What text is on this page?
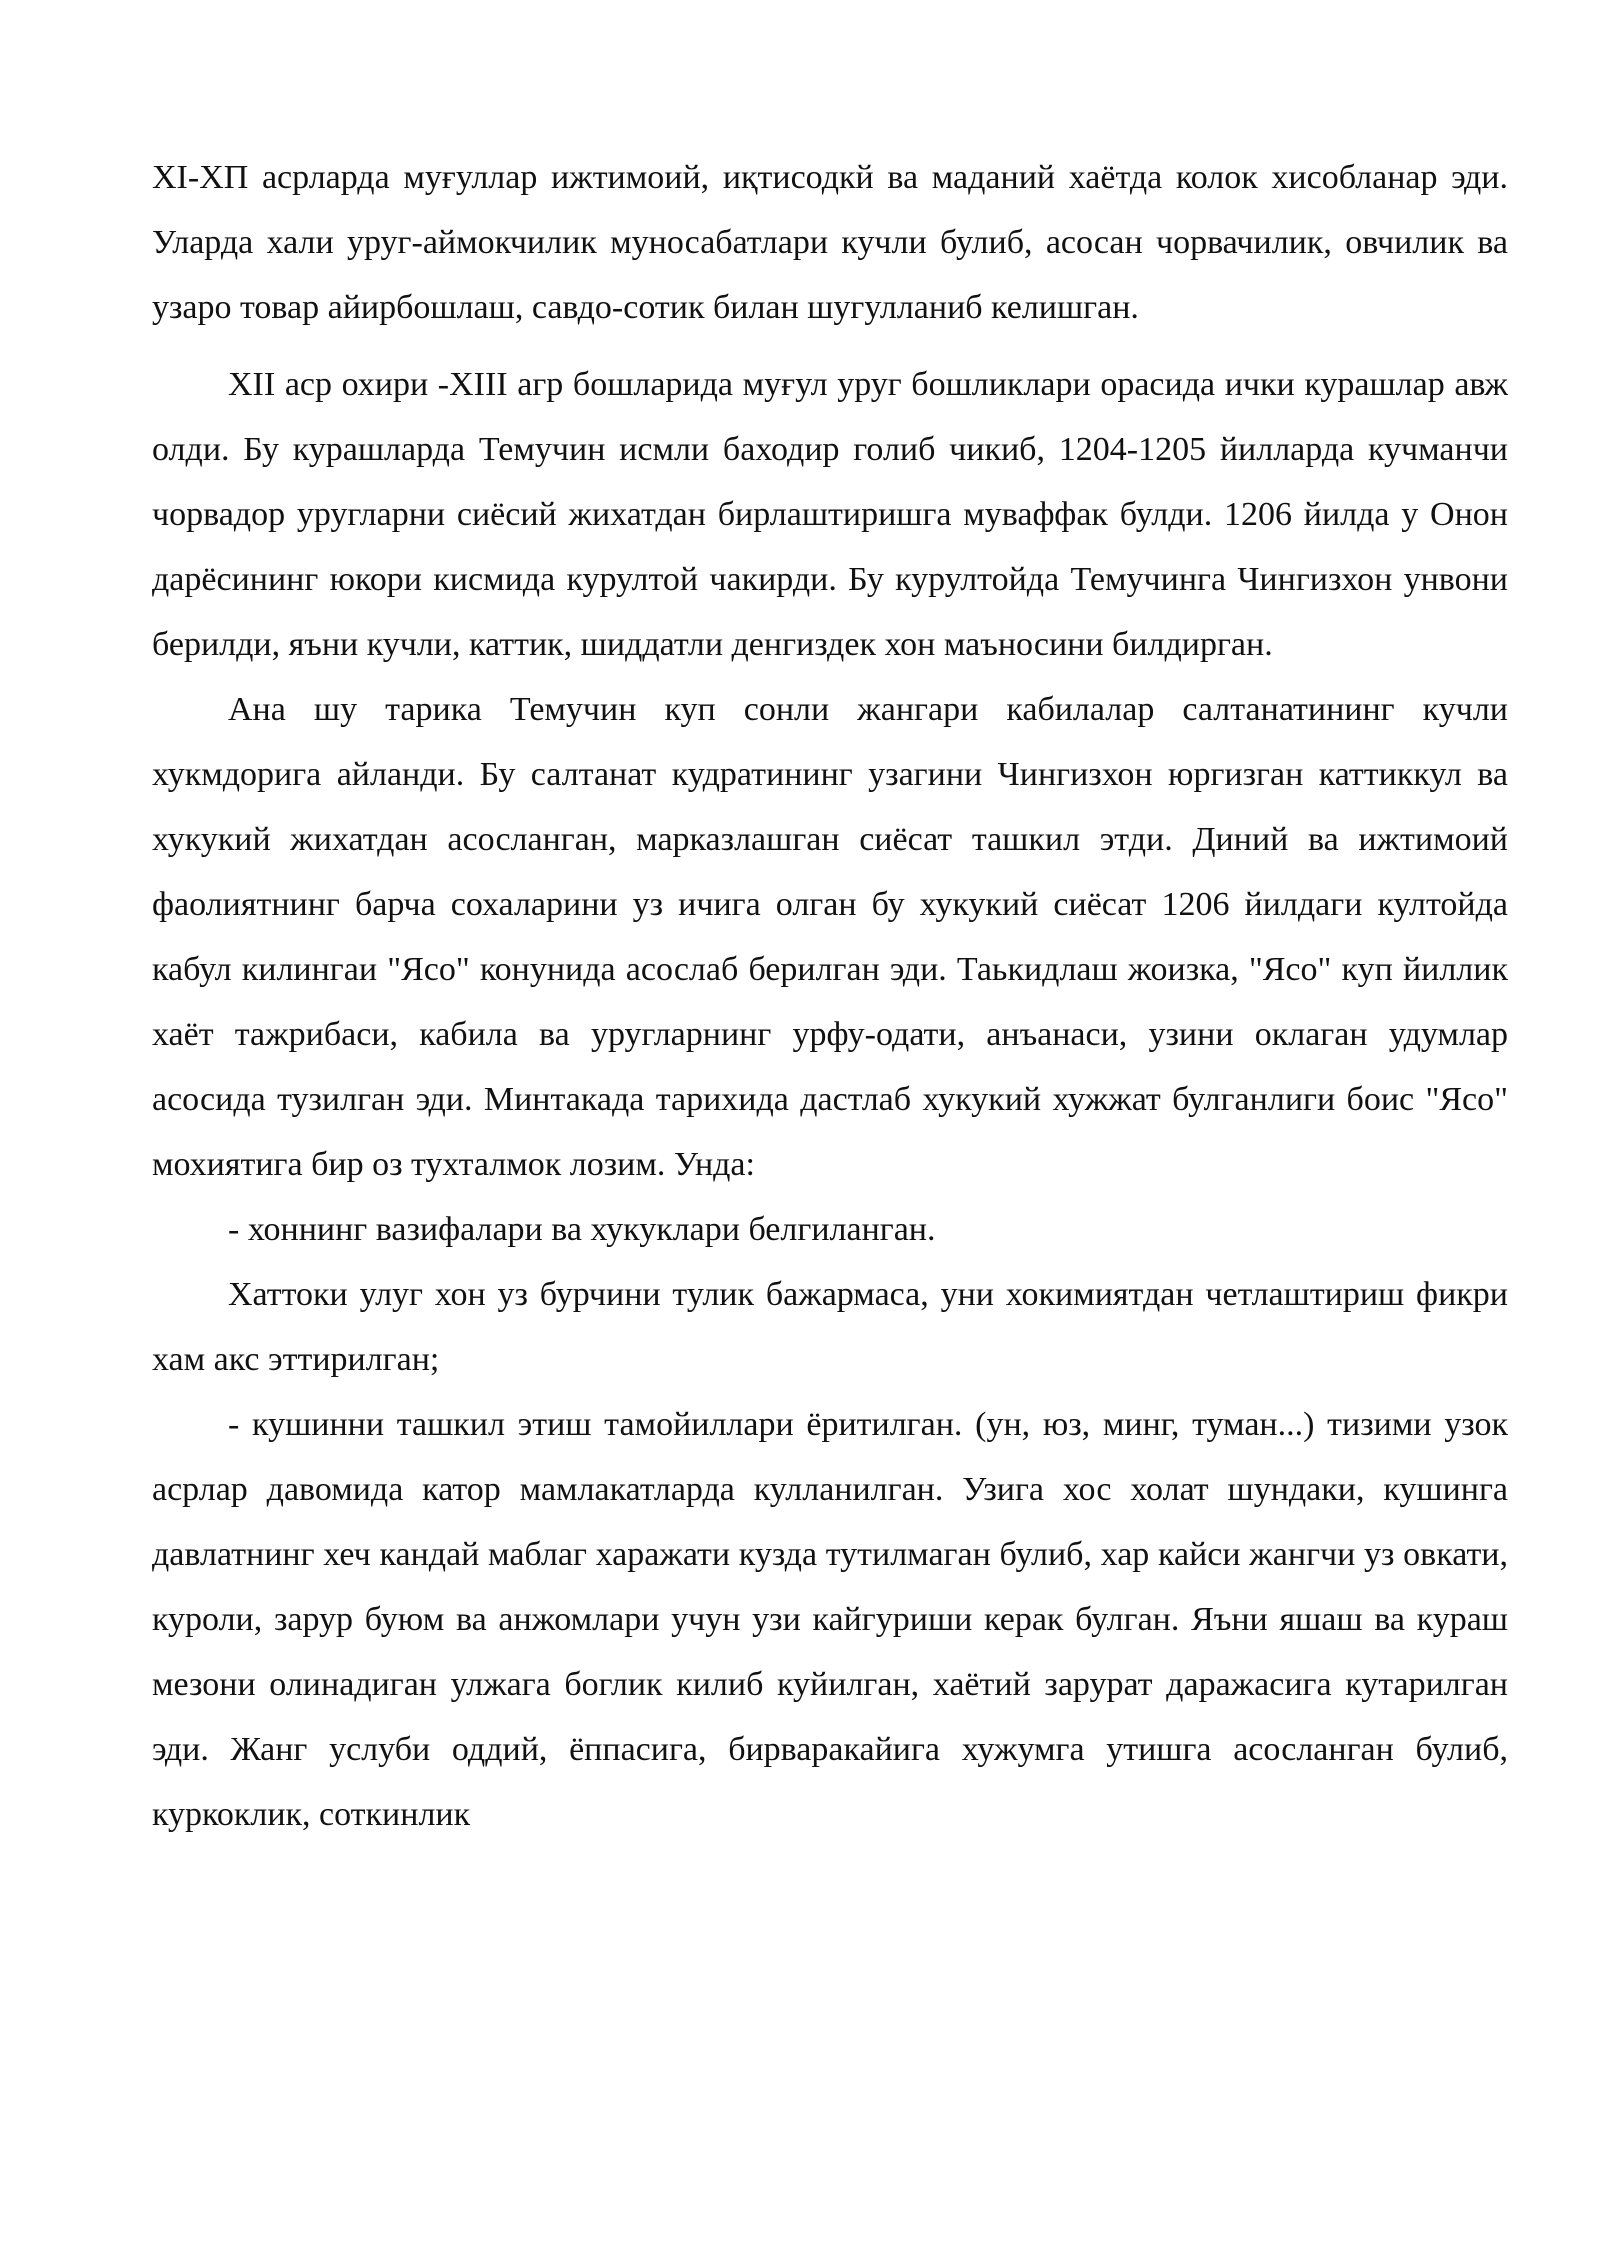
XI-XП асрларда муғуллар ижтимоий, иқтисодкй ва маданий хаётда колок хисобланар эди. Уларда хали уруг-аймокчилик муносабатлари кучли булиб, асосан чорвачилик, овчилик ва узаро товар айирбошлаш, савдо-сотик билан шугулланиб келишган.

XII асp охири -XIII агр бошларида муғул уруг бошликлари орасида ички курашлар авж олди. Бу курашларда Темучин исмли баходир голиб чикиб, 1204-1205 йилларда кучманчи чорвадор уругларни сиёсий жихатдан бирлаштиришга муваффак булди. 1206 йилда у Онон дарёсининг юкори кисмида курултой чакирди. Бу курултойда Темучинга Чингизхон унвони берилди, яъни кучли, каттик, шиддатли денгиздек хон маъносини билдирган.

Ана шу тарика Темучин куп сонли жангари кабилалар салтанатининг кучли хукмдорига айланди. Бу салтанат кудратининг узагини Чингизхон юргизган каттиккул ва хукукий жихатдан асосланган, марказлашган сиёсат ташкил этди. Диний ва ижтимоий фаолиятнинг барча сохаларини уз ичига олган бу хукукий сиёсат 1206 йилдаги култойда кабул килингаи "Ясо" конунида асослаб берилган эди. Таькидлаш жоизка, "Ясо" куп йиллик хаёт тажрибаси, кабила ва уругларнинг урфу-одати, анъанаси, узини оклаган удумлар асосида тузилган эди. Минтакада тарихида дастлаб хукукий хужжат булганлиги боис "Ясо" мохиятига бир оз тухталмок лозим. Унда:

- хоннинг вазифалари ва хукуклари белгиланган.

Хаттоки улуг хон уз бурчини тулик бажармаса, уни хокимиятдан четлаштириш фикри хам акс эттирилган;

- кушинни ташкил этиш тамойиллари ёритилган. (ун, юз, минг, туман...) тизими узок асрлар давомида катор мамлакатларда кулланилган. Узига хос холат шундаки, кушинга давлатнинг хеч кандай маблаг харажати кузда тутилмаган булиб, хар кайси жангчи уз овкати, куроли, зарур буюм ва анжомлари учун узи кайгуриши керак булган. Яъни яшаш ва кураш мезони олинадиган улжага боглик килиб куйилган, хаётий зарурат даражасига кутарилган эди. Жанг услуби оддий, ёппасига, бирваракайига хужумга утишга асосланган булиб, куркоклик, соткинлик
